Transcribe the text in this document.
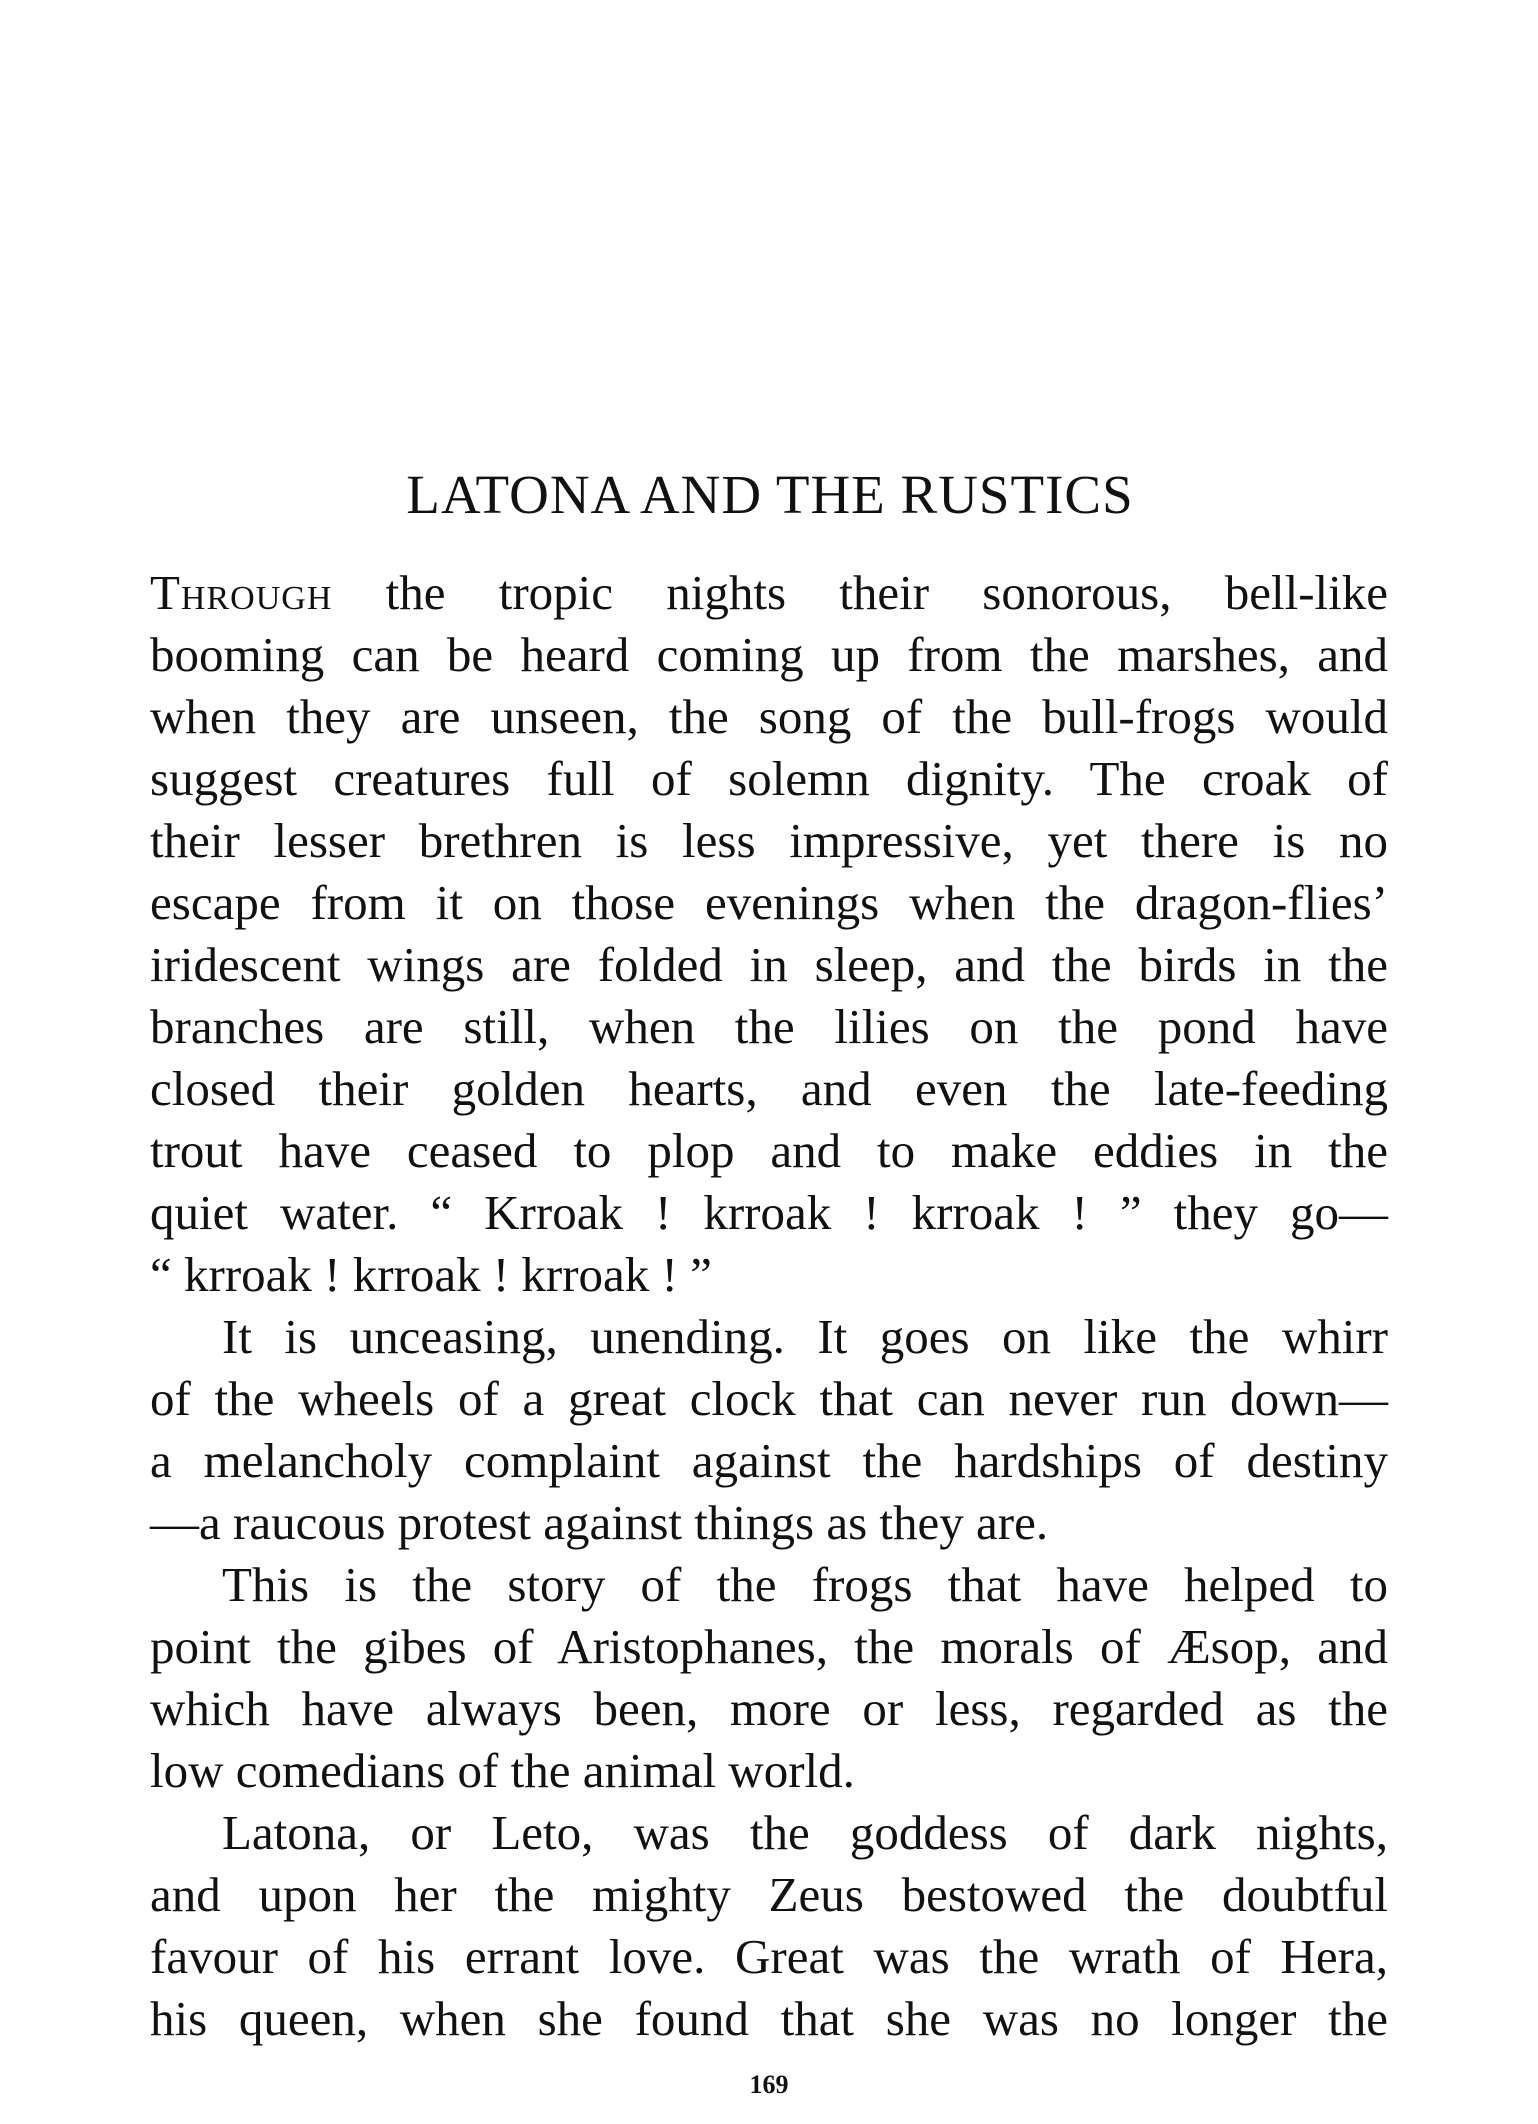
LATONA AND THE RUSTICS
Through the tropic nights their sonorous, bell-like
booming can be heard coming up from the marshes, and
when they are unseen, the song of the bull-frogs would
suggest creatures full of solemn dignity. The croak of
their lesser brethren is less impressive, yet there is no
escape from it on those evenings when the dragon-flies’
iridescent wings are folded in sleep, and the birds in the
branches are still, when the lilies on the pond have
closed their golden hearts, and even the late-feeding
trout have ceased to plop and to make eddies in the
quiet water. “ Krroak ! krroak ! krroak ! ” they go—
“ krroak ! krroak ! krroak ! ”
It is unceasing, unending. It goes on like the whirr
of the wheels of a great clock that can never run down—
a melancholy complaint against the hardships of destiny
—a raucous protest against things as they are.
This is the story of the frogs that have helped to
point the gibes of Aristophanes, the morals of Æsop, and
which have always been, more or less, regarded as the
low comedians of the animal world.
Latona, or Leto, was the goddess of dark nights,
and upon her the mighty Zeus bestowed the doubtful
favour of his errant love. Great was the wrath of Hera,
his queen, when she found that she was no longer the

169
